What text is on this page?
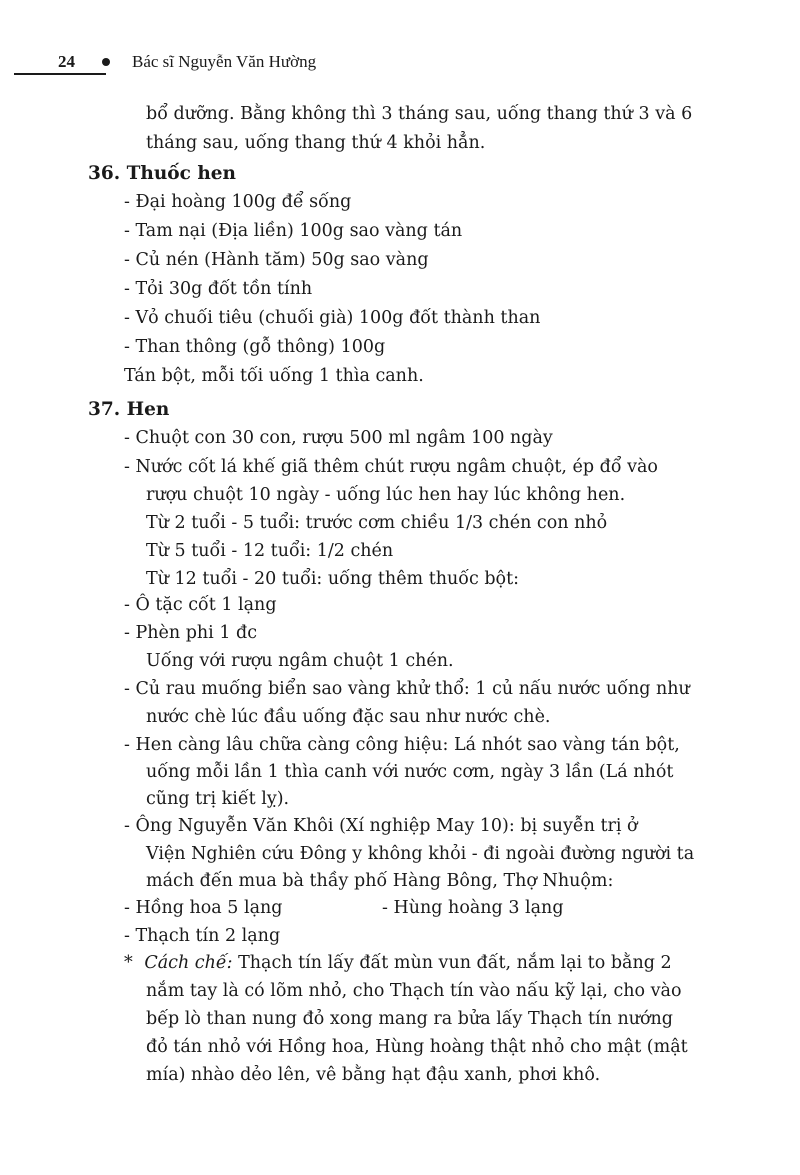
24	Bác sĩ Nguyễn Văn Hường
bổ dưỡng. Bằng không thì 3 tháng sau, uống thang thứ 3 và 6
tháng sau, uống thang thứ 4 khỏi hẳn.
36. Thuốc hen
- Đại hoàng 100g để sống
- Tam nại (Địa liền) 100g sao vàng tán
- Củ nén (Hành tăm) 50g sao vàng
- Tỏi 30g đốt tồn tính
- Vỏ chuối tiêu (chuối già) 100g đốt thành than
- Than thông (gỗ thông) 100g
Tán bột, mỗi tối uống 1 thìa canh.
37. Hen
- Chuột con 30 con, rượu 500 ml ngâm 100 ngày
- Nước cốt lá khế giã thêm chút rượu ngâm chuột, ép đổ vào
rượu chuột 10 ngày - uống lúc hen hay lúc không hen.
Từ 2 tuổi - 5 tuổi: trước cơm chiều 1/3 chén con nhỏ
Từ 5 tuổi - 12 tuổi: 1/2 chén
Từ 12 tuổi - 20 tuổi: uống thêm thuốc bột:
- Ô tặc cốt 1 lạng
- Phèn phi 1 đc
Uống với rượu ngâm chuột 1 chén.
- Củ rau muống biển sao vàng khử thổ: 1 củ nấu nước uống như
nước chè lúc đầu uống đặc sau như nước chè.
- Hen càng lâu chữa càng công hiệu: Lá nhót sao vàng tán bột,
uống mỗi lần 1 thìa canh với nước cơm, ngày 3 lần (Lá nhót
cũng trị kiết lỵ).
- Ông Nguyễn Văn Khôi (Xí nghiệp May 10): bị suyễn trị ở
Viện Nghiên cứu Đông y không khỏi - đi ngoài đường người ta
mách đến mua bà thầy phố Hàng Bông, Thợ Nhuộm:
- Hồng hoa 5 lạng	- Hùng hoàng 3 lạng
- Thạch tín 2 lạng
* Cách chế: Thạch tín lấy đất mùn vun đất, nắm lại to bằng 2
nắm tay là có lõm nhỏ, cho Thạch tín vào nấu kỹ lại, cho vào
bếp lò than nung đỏ xong mang ra bửa lấy Thạch tín nướng
đỏ tán nhỏ với Hồng hoa, Hùng hoàng thật nhỏ cho mật (mật
mía) nhào dẻo lên, vê bằng hạt đậu xanh, phơi khô.
